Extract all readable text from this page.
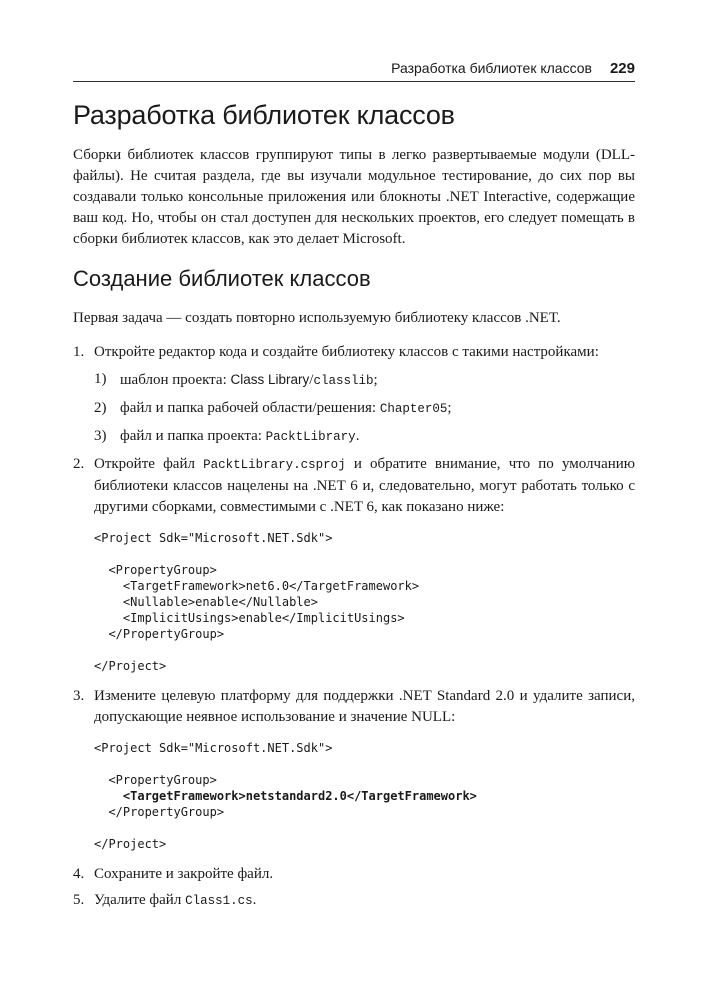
Разработка библиотек классов 229
Разработка библиотек классов

Сборки библиотек классов группируют типы в легко развертываемые модули (DLL-файлы). Не считая раздела, где вы изучали модульное тестирование, до сих пор вы создавали только консольные приложения или блокноты .NET Interactive, содержащие ваш код. Но, чтобы он стал доступен для нескольких проектов, его следует помещать в сборки библиотек классов, как это делает Microsoft.

Создание библиотек классов

Первая задача — создать повторно используемую библиотеку классов .NET.

1. Откройте редактор кода и создайте библиотеку классов с такими настройками:
1) шаблон проекта: Class Library/classlib;
2) файл и папка рабочей области/решения: Chapter05;
3) файл и папка проекта: PacktLibrary.
2. Откройте файл PacktLibrary.csproj и обратите внимание, что по умолчанию библиотеки классов нацелены на .NET 6 и, следовательно, могут работать только с другими сборками, совместимыми с .NET 6, как показано ниже:
<Project Sdk="Microsoft.NET.Sdk">
<PropertyGroup>
<TargetFramework>net6.0</TargetFramework>
<Nullable>enable</Nullable>
<ImplicitUsings>enable</ImplicitUsings>
</PropertyGroup>
</Project>
3. Измените целевую платформу для поддержки .NET Standard 2.0 и удалите записи, допускающие неявное использование и значение NULL:
<Project Sdk="Microsoft.NET.Sdk">
<PropertyGroup>
<TargetFramework>netstandard2.0</TargetFramework>
</PropertyGroup>
</Project>
4. Сохраните и закройте файл.
5. Удалите файл Class1.cs.
